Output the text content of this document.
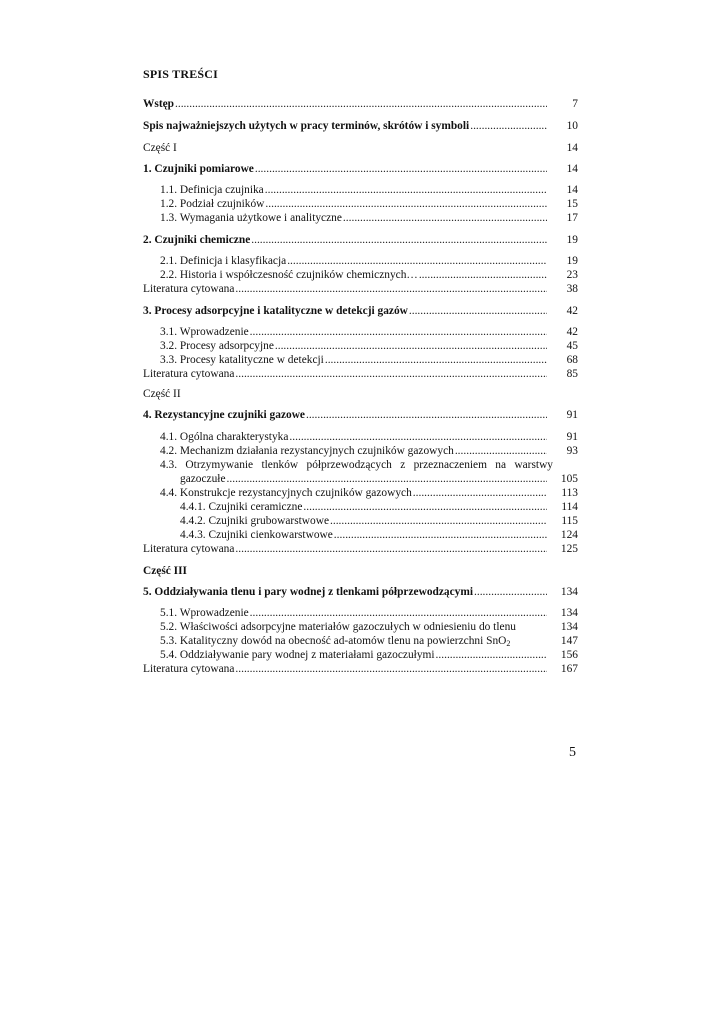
SPIS TREŚCI
Wstęp .....	7
Spis najważniejszych użytych w pracy terminów, skrótów i symboli .....	10
Część I	14
1. Czujniki pomiarowe .....	14
1.1. Definicja czujnika .....	14
1.2. Podział czujników .....	15
1.3. Wymagania użytkowe i analityczne .....	17
2. Czujniki chemiczne .....	19
2.1. Definicja i klasyfikacja .....	19
2.2. Historia i współczesność czujników chemicznych… .....	23
Literatura cytowana .....	38
3. Procesy adsorpcyjne i katalityczne w detekcji gazów .....	42
3.1. Wprowadzenie .....	42
3.2. Procesy adsorpcyjne .....	45
3.3. Procesy katalityczne w detekcji .....	68
Literatura cytowana .....	85
Część II
4. Rezystancyjne czujniki gazowe .....	91
4.1. Ogólna charakterystyka .....	91
4.2. Mechanizm działania rezystancyjnych czujników gazowych .....	93
4.3. Otrzymywanie tlenków półprzewodzących z przeznaczeniem na warstwy
gazoczułe .....	105
4.4. Konstrukcje rezystancyjnych czujników gazowych .....	113
4.4.1. Czujniki ceramiczne .....	114
4.4.2. Czujniki grubowarstwowe .....	115
4.4.3. Czujniki cienkowarstwowe .....	124
Literatura cytowana .....	125
Część III
5. Oddziaływania tlenu i pary wodnej z tlenkami półprzewodzącymi .....	134
5.1. Wprowadzenie .....	134
5.2. Właściwości adsorpcyjne materiałów gazoczułych w odniesieniu do tlenu	134
5.3. Katalityczny dowód na obecność ad-atomów tlenu na powierzchni SnO$_2$	147
5.4. Oddziaływanie pary wodnej z materiałami gazoczułymi .....	156
Literatura cytowana .....	167
5
